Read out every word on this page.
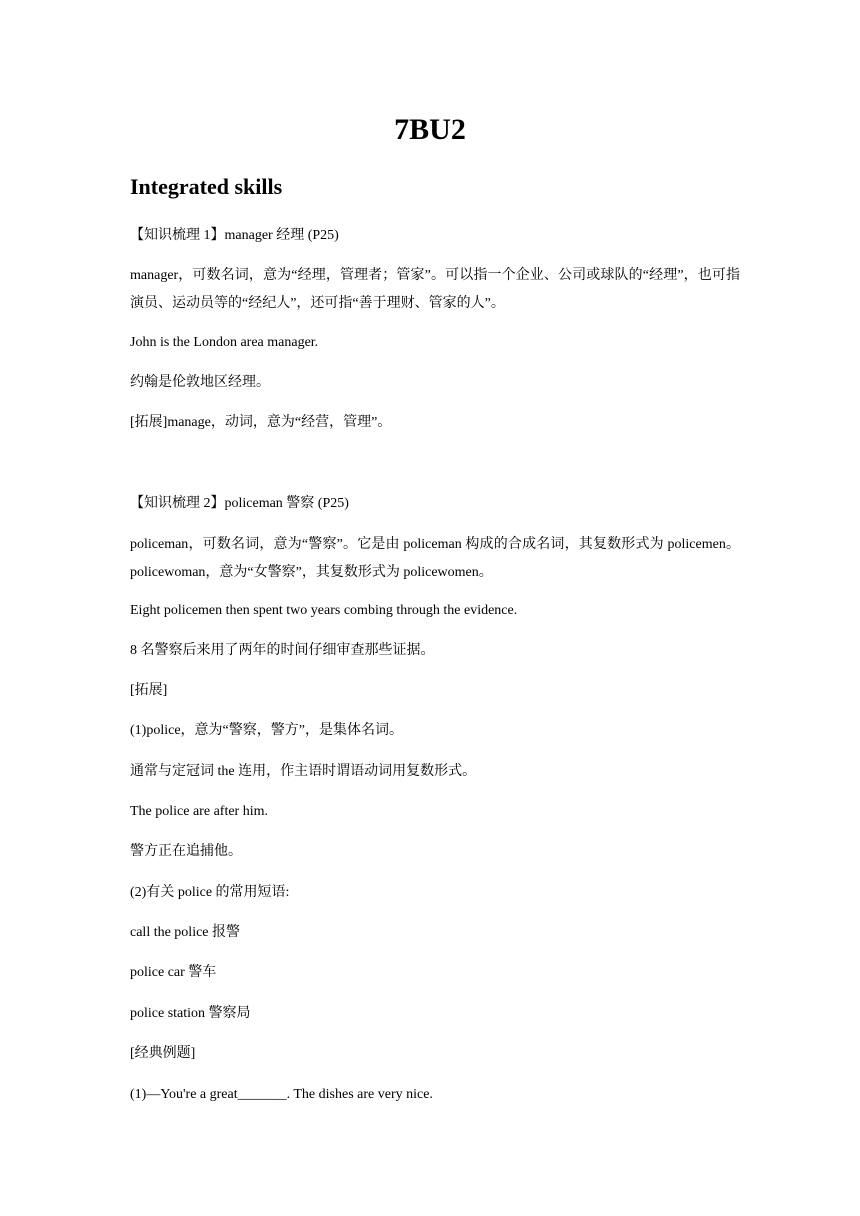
7BU2
Integrated skills
【知识梳理 1】manager 经理 (P25)
manager，可数名词，意为“经理，管理者；管家”。可以指一个企业、公司或球队的“经理”，也可指演员、运动员等的“经纪人”，还可指“善于理财、管家的人”。
John is the London area manager.
约翰是伦敦地区经理。
[拓展]manage，动词，意为“经营，管理”。
【知识梳理 2】policeman 警察 (P25)
policeman，可数名词，意为“警察”。它是由 policeman 构成的合成名词，其复数形式为 policemen。policewoman，意为“女警察”，其复数形式为 policewomen。
Eight policemen then spent two years combing through the evidence.
8 名警察后来用了两年的时间仔细审查那些证据。
[拓展]
(1)police，意为“警察，警方”，是集体名词。
通常与定冠词 the 连用，作主语时谓语动词用复数形式。
The police are after him.
警方正在追捕他。
(2)有关 police 的常用短语:
call the police 报警
police car 警车
police station 警察局
[经典例题]
(1)—You're a great_______. The dishes are very nice.
